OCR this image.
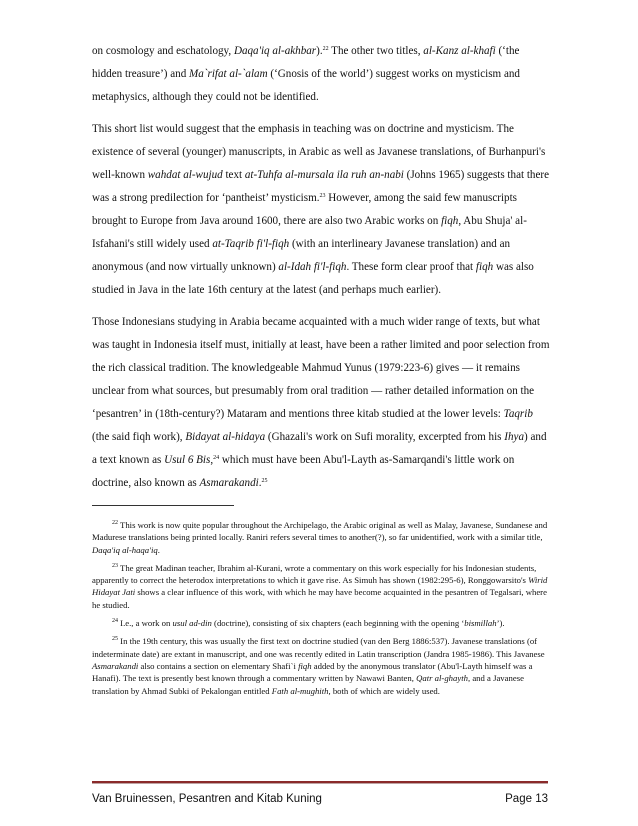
on cosmology and eschatology, Daqa'iq al-akhbar).$^{22}$ The other two titles, al-Kanz al-khafi (‘the hidden treasure’) and Ma`rifat al-`alam (‘Gnosis of the world’) suggest works on mysticism and metaphysics, although they could not be identified.

This short list would suggest that the emphasis in teaching was on doctrine and mysticism. The existence of several (younger) manuscripts, in Arabic as well as Javanese translations, of Burhanpuri's well-known wahdat al-wujud text at-Tuhfa al-mursala ila ruh an-nabi (Johns 1965) suggests that there was a strong predilection for ‘pantheist’ mysticism.$^{23}$ However, among the said few manuscripts brought to Europe from Java around 1600, there are also two Arabic works on fiqh, Abu Shuja' al-Isfahani's still widely used at-Taqrib fi'l-fiqh (with an interlineary Javanese translation) and an anonymous (and now virtually unknown) al-Idah fi'l-fiqh. These form clear proof that fiqh was also studied in Java in the late 16th century at the latest (and perhaps much earlier).

Those Indonesians studying in Arabia became acquainted with a much wider range of texts, but what was taught in Indonesia itself must, initially at least, have been a rather limited and poor selection from the rich classical tradition. The knowledgeable Mahmud Yunus (1979:223-6) gives — it remains unclear from what sources, but presumably from oral tradition — rather detailed information on the ‘pesantren’ in (18th-century?) Mataram and mentions three kitab studied at the lower levels: Taqrib (the said fiqh work), Bidayat al-hidaya (Ghazali's work on Sufi morality, excerpted from his Ihya) and a text known as Usul 6 Bis,$^{24}$ which must have been Abu'l-Layth as-Samarqandi's little work on doctrine, also known as Asmarakandi.$^{25}$

$^{22}$ This work is now quite popular throughout the Archipelago, the Arabic original as well as Malay, Javanese, Sundanese and Madurese translations being printed locally. Raniri refers several times to another(?), so far unidentified, work with a similar title, Daqa'iq al-haqa'iq.

$^{23}$ The great Madinan teacher, Ibrahim al-Kurani, wrote a commentary on this work especially for his Indonesian students, apparently to correct the heterodox interpretations to which it gave rise. As Simuh has shown (1982:295-6), Ronggowarsito's Wirid Hidayat Jati shows a clear influence of this work, with which he may have become acquainted in the pesantren of Tegalsari, where he studied.

$^{24}$ I.e., a work on usul ad-din (doctrine), consisting of six chapters (each beginning with the opening ‘bismillah’).

$^{25}$ In the 19th century, this was usually the first text on doctrine studied (van den Berg 1886:537). Javanese translations (of indeterminate date) are extant in manuscript, and one was recently edited in Latin transcription (Jandra 1985-1986). This Javanese Asmarakandi also contains a section on elementary Shafi`i fiqh added by the anonymous translator (Abu'l-Layth himself was a Hanafi). The text is presently best known through a commentary written by Nawawi Banten, Qatr al-ghayth, and a Javanese translation by Ahmad Subki of Pekalongan entitled Fath al-mughith, both of which are widely used.

Van Bruinessen, Pesantren and Kitab Kuning	Page 13
